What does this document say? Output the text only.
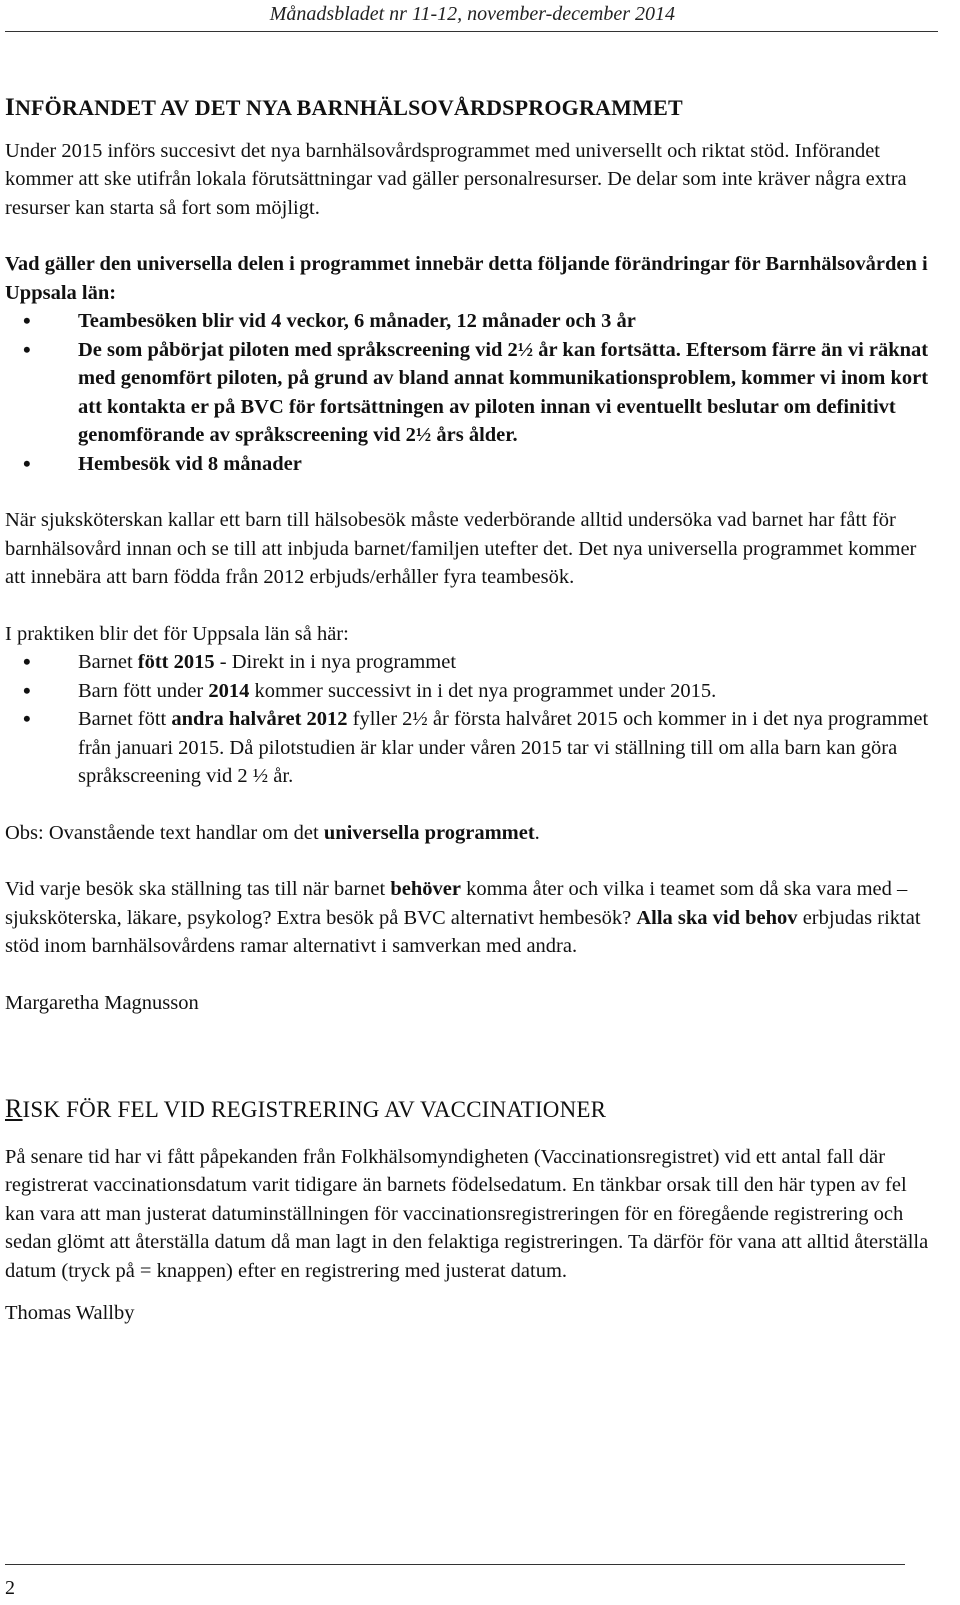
Månadsbladet nr 11-12, november-december 2014
INFÖRANDET AV DET NYA BARNHÄLSOVÅRDSPROGRAMMET

Under 2015 införs succesivt det nya barnhälsovårdsprogrammet med universellt och riktat stöd. Införandet kommer att ske utifrån lokala förutsättningar vad gäller personalresurser. De delar som inte kräver några extra resurser kan starta så fort som möjligt.

Vad gäller den universella delen i programmet innebär detta följande förändringar för Barnhälsovården i Uppsala län:

• Teambesöken blir vid 4 veckor, 6 månader, 12 månader och 3 år
• De som påbörjat piloten med språkscreening vid 2½ år kan fortsätta. Eftersom färre än vi räknat med genomfört piloten, på grund av bland annat kommunikationsproblem, kommer vi inom kort att kontakta er på BVC för fortsättningen av piloten innan vi eventuellt beslutar om definitivt genomförande av språkscreening vid 2½ års ålder.
• Hembesök vid 8 månader

När sjuksköterskan kallar ett barn till hälsobesök måste vederbörande alltid undersöka vad barnet har fått för barnhälsovård innan och se till att inbjuda barnet/familjen utefter det. Det nya universella programmet kommer att innebära att barn födda från 2012 erbjuds/erhåller fyra teambesök.

I praktiken blir det för Uppsala län så här:

• Barnet fött 2015 - Direkt in i nya programmet
• Barn fött under 2014 kommer successivt in i det nya programmet under 2015.
• Barnet fött andra halvåret 2012 fyller 2½ år första halvåret 2015 och kommer in i det nya programmet från januari 2015. Då pilotstudien är klar under våren 2015 tar vi ställning till om alla barn kan göra språkscreening vid 2 ½ år.

Obs: Ovanstående text handlar om det universella programmet.

Vid varje besök ska ställning tas till när barnet behöver komma åter och vilka i teamet som då ska vara med – sjuksköterska, läkare, psykolog? Extra besök på BVC alternativt hembesök? Alla ska vid behov erbjudas riktat stöd inom barnhälsovårdens ramar alternativt i samverkan med andra.

Margaretha Magnusson

RISK FÖR FEL VID REGISTRERING AV VACCINATIONER

På senare tid har vi fått påpekanden från Folkhälsomyndigheten (Vaccinationsregistret) vid ett antal fall där registrerat vaccinationsdatum varit tidigare än barnets födelsedatum. En tänkbar orsak till den här typen av fel kan vara att man justerat datuminställningen för vaccinationsregistreringen för en föregående registrering och sedan glömt att återställa datum då man lagt in den felaktiga registreringen. Ta därför för vana att alltid återställa datum (tryck på = knappen) efter en registrering med justerat datum.

Thomas Wallby

2
